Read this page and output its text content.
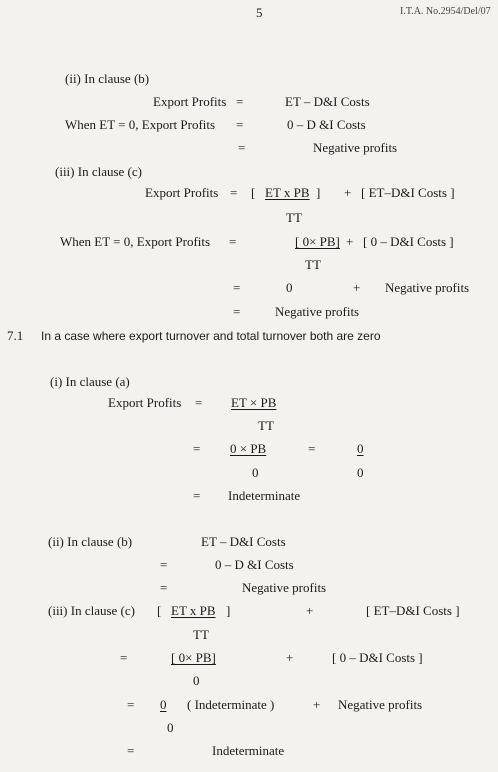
5	I.T.A. No.2954/Del/07
(ii) In clause (b)
Export Profits =	ET – D&I Costs
When ET = 0, Export Profits =	0 – D &I Costs
=	Negative profits
(iii) In clause (c)
Export Profits = [ ET x PB ] + [ ET–D&I Costs ]
TT
When ET = 0, Export Profits =	[ 0× PB] + [ 0 – D&I Costs ]
TT
=	0	+ Negative profits
=	Negative profits
7.1 In a case where export turnover and total turnover both are zero
(i) In clause (a)
Export Profits = ET × PB
TT
= 0 × PB	=	0
0	0
= Indeterminate
(ii) In clause (b)	ET – D&I Costs
=	0 – D &I Costs
=	Negative profits
(iii) In clause (c) [ ET x PB ]	+	[ ET–D&I Costs ]
TT
=	[ 0× PB]	+	[ 0 – D&I Costs ]
0
= 0 ( Indeterminate )	+ Negative profits
0
=	Indeterminate
